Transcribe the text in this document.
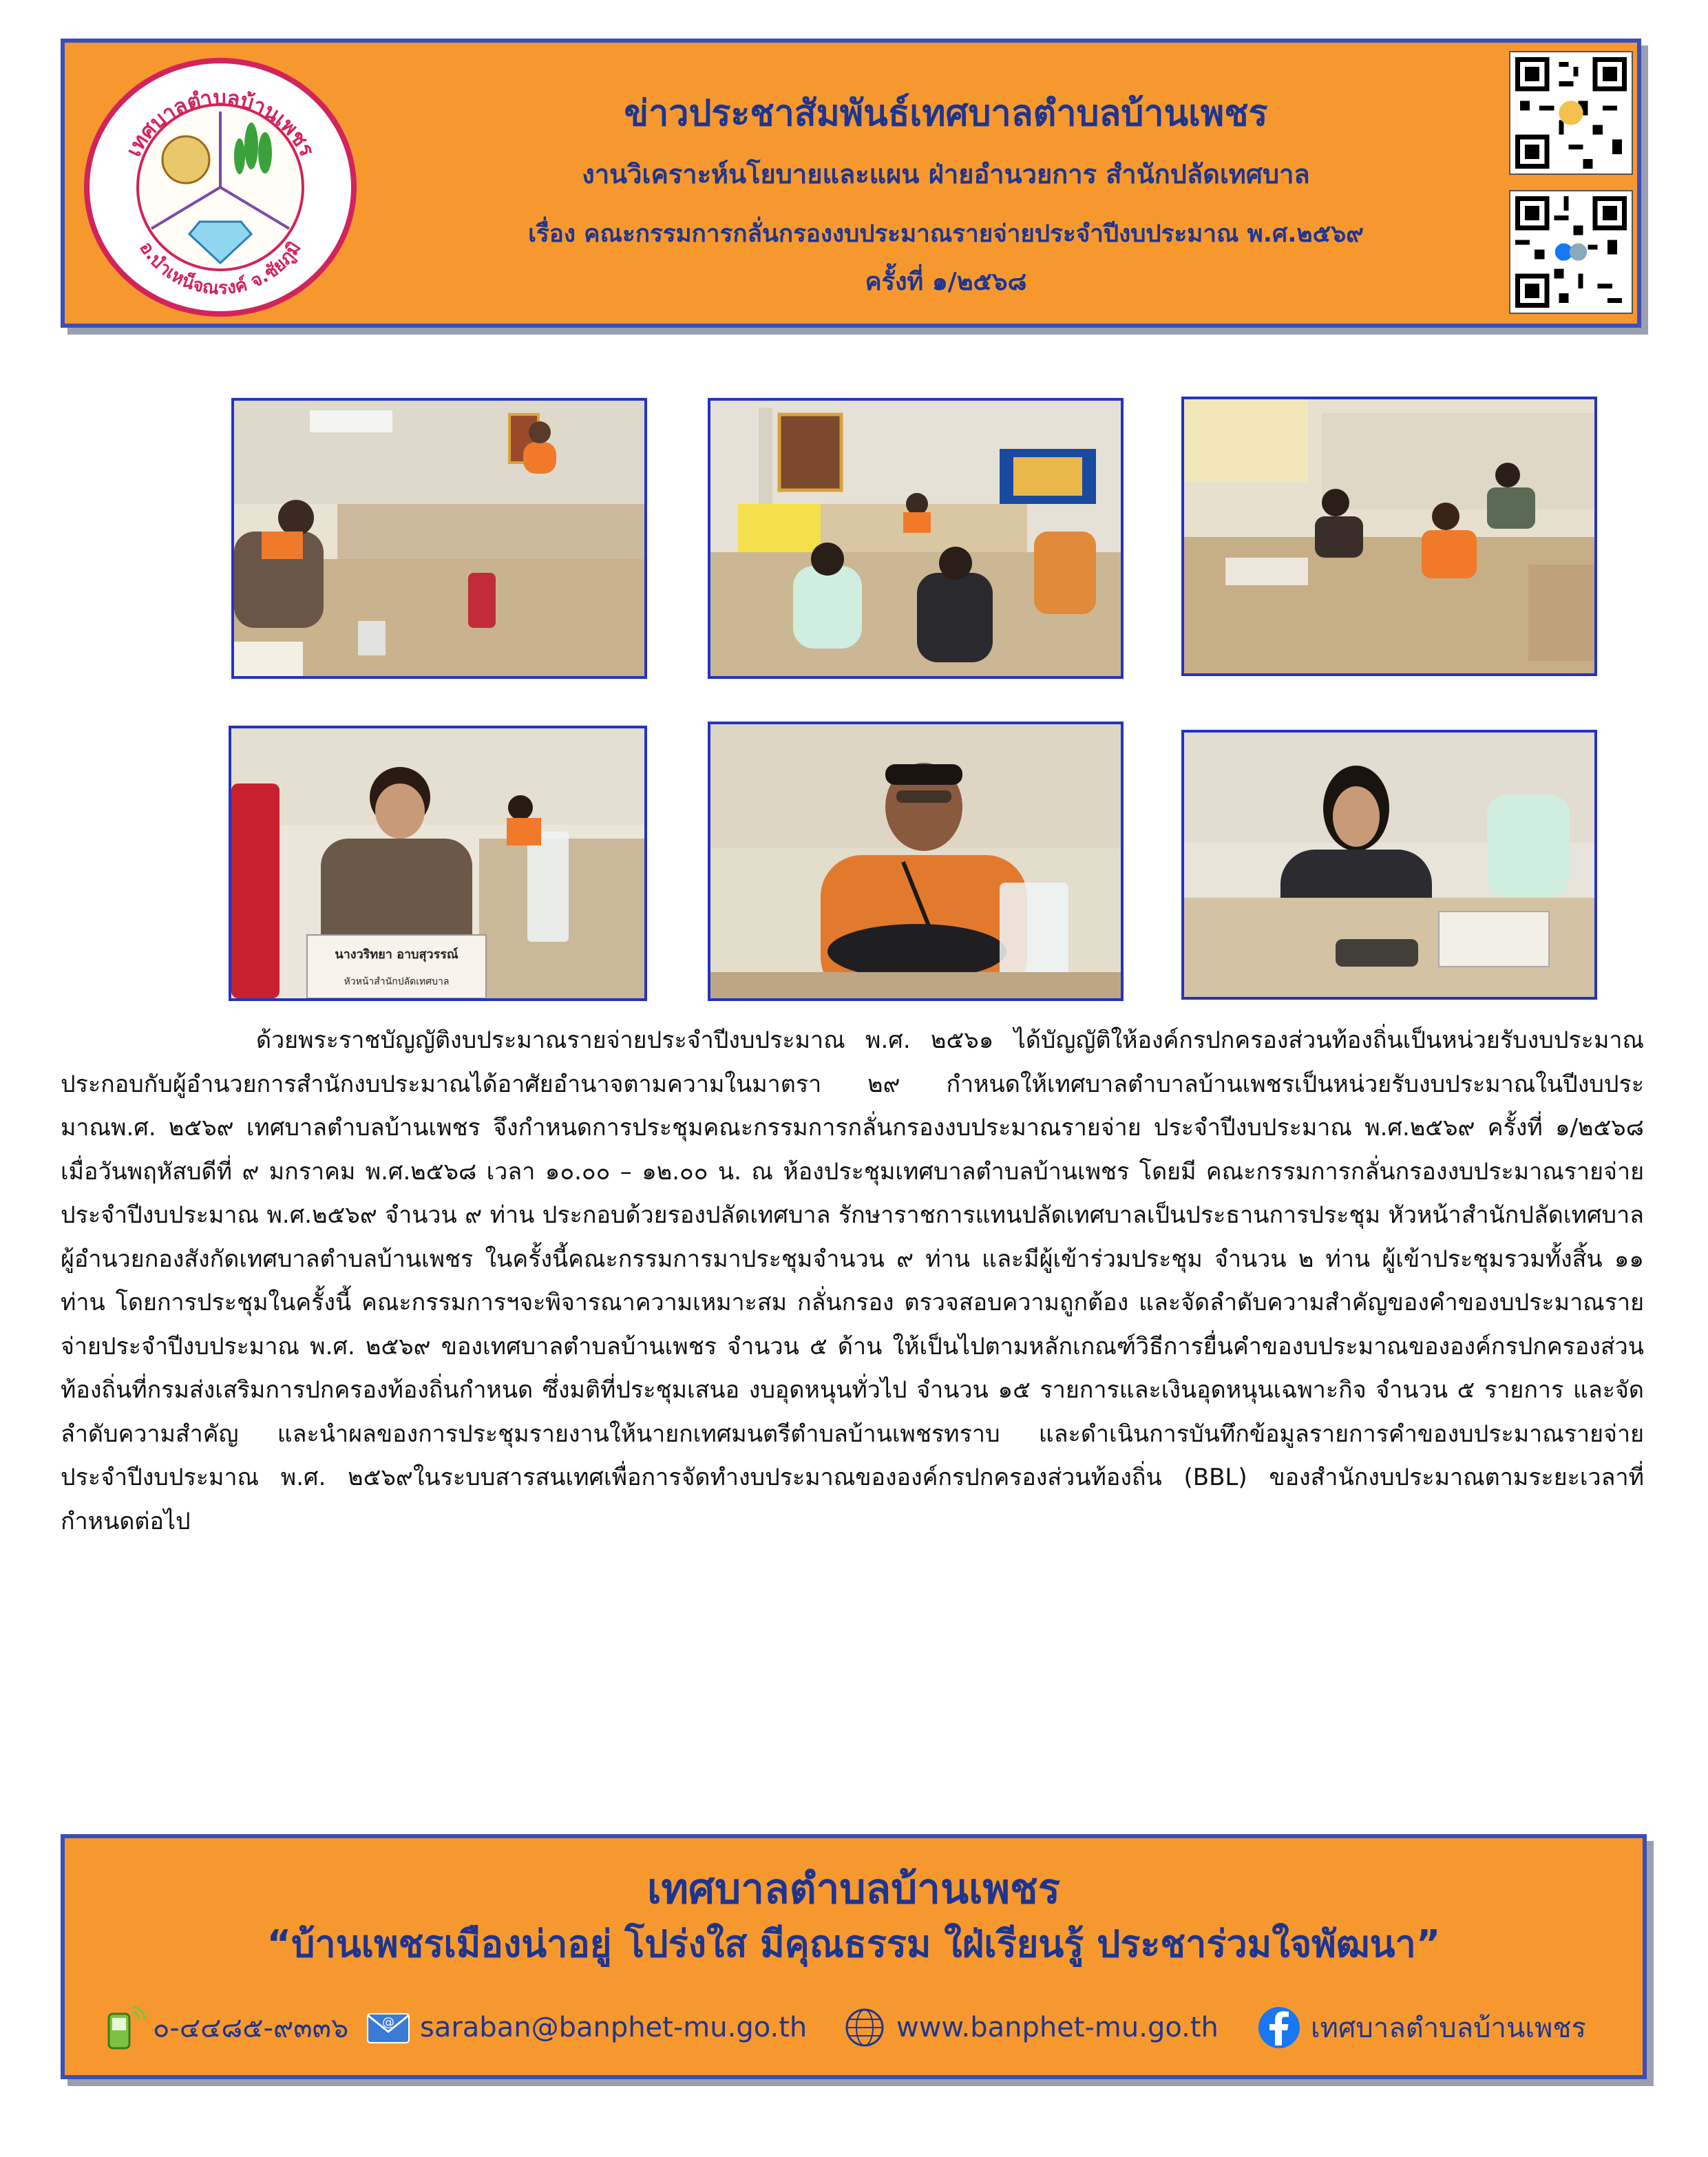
เทศบาลตำบลบ้านเพชร
อ.บำเหน็จณรงค์ จ.ชัยภูมิ
ข่าวประชาสัมพันธ์เทศบาลตำบลบ้านเพชร
งานวิเคราะห์นโยบายและแผน ฝ่ายอำนวยการ สำนักปลัดเทศบาล
เรื่อง คณะกรรมการกลั่นกรองงบประมาณรายจ่ายประจำปีงบประมาณ พ.ศ.๒๕๖๙
ครั้งที่ ๑/๒๕๖๘
นางวริทยา อาบสุวรรณ์
หัวหน้าสำนักปลัดเทศบาล
ด้วยพระราชบัญญัติงบประมาณรายจ่ายประจำปีงบประมาณ พ.ศ. ๒๕๖๑ ได้บัญญัติให้องค์กรปกครองส่วนท้องถิ่นเป็นหน่วยรับงบประมาณ ประกอบกับผู้อำนวยการสำนักงบประมาณได้อาศัยอำนาจตามความในมาตรา ๒๙ กำหนดให้เทศบาลตำบาลบ้านเพชรเป็นหน่วยรับงบประมาณในปีงบประมาณพ.ศ. ๒๕๖๙ เทศบาลตำบลบ้านเพชร จึงกำหนดการประชุมคณะกรรมการกลั่นกรองงบประมาณรายจ่าย ประจำปีงบประมาณ พ.ศ.๒๕๖๙ ครั้งที่ ๑/๒๕๖๘ เมื่อวันพฤหัสบดีที่ ๙ มกราคม พ.ศ.๒๕๖๘ เวลา ๑๐.๐๐ – ๑๒.๐๐ น. ณ ห้องประชุมเทศบาลตำบลบ้านเพชร โดยมี คณะกรรมการกลั่นกรองงบประมาณรายจ่ายประจำปีงบประมาณ พ.ศ.๒๕๖๙ จำนวน ๙ ท่าน ประกอบด้วยรองปลัดเทศบาล รักษาราชการแทนปลัดเทศบาลเป็นประธานการประชุม หัวหน้าสำนักปลัดเทศบาล ผู้อำนวยกองสังกัดเทศบาลตำบลบ้านเพชร ในครั้งนี้คณะกรรมการมาประชุมจำนวน ๙ ท่าน และมีผู้เข้าร่วมประชุม จำนวน ๒ ท่าน ผู้เข้าประชุมรวมทั้งสิ้น ๑๑ ท่าน โดยการประชุมในครั้งนี้ คณะกรรมการฯจะพิจารณาความเหมาะสม กลั่นกรอง ตรวจสอบความถูกต้อง และจัดลำดับความสำคัญของคำของบประมาณรายจ่ายประจำปีงบประมาณ พ.ศ. ๒๕๖๙ ของเทศบาลตำบลบ้านเพชร จำนวน ๕ ด้าน ให้เป็นไปตามหลักเกณฑ์วิธีการยื่นคำของบประมาณขององค์กรปกครองส่วนท้องถิ่นที่กรมส่งเสริมการปกครองท้องถิ่นกำหนด ซึ่งมติที่ประชุมเสนอ งบอุดหนุนทั่วไป จำนวน ๑๕ รายการและเงินอุดหนุนเฉพาะกิจ จำนวน ๕ รายการ และจัดลำดับความสำคัญ และนำผลของการประชุมรายงานให้นายกเทศมนตรีตำบลบ้านเพชรทราบ และดำเนินการบันทึกข้อมูลรายการคำของบประมาณรายจ่ายประจำปีงบประมาณ พ.ศ. ๒๕๖๙ในระบบสารสนเทศเพื่อการจัดทำงบประมาณขององค์กรปกครองส่วนท้องถิ่น (BBL) ของสำนักงบประมาณตามระยะเวลาที่กำหนดต่อไป
เทศบาลตำบลบ้านเพชร
“บ้านเพชรเมืองน่าอยู่ โปร่งใส มีคุณธรรม ใฝ่เรียนรู้ ประชาร่วมใจพัฒนา”
๐-๔๔๘๕-๙๓๓๖	@ saraban@banphet-mu.go.th	www.banphet-mu.go.th	เทศบาลตำบลบ้านเพชร
